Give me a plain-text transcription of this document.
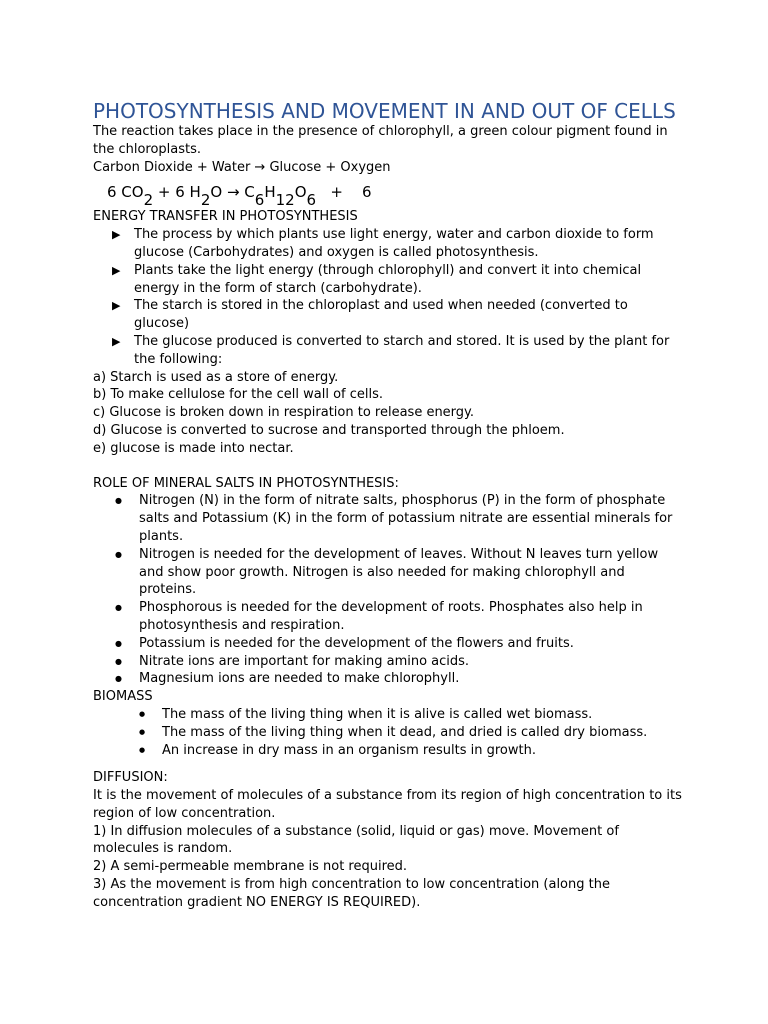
PHOTOSYNTHESIS AND MOVEMENT IN AND OUT OF CELLS

The reaction takes place in the presence of chlorophyll, a green colour pigment found in the chloroplasts.

Carbon Dioxide + Water → Glucose + Oxygen

6 $CO_2 + 6$ $H_2O \to C_6H_{12}O_6$   +    6

ENERGY TRANSFER IN PHOTOSYNTHESIS

▶ The process by which plants use light energy, water and carbon dioxide to form glucose (Carbohydrates) and oxygen is called photosynthesis.
▶ Plants take the light energy (through chlorophyll) and convert it into chemical energy in the form of starch (carbohydrate).
▶ The starch is stored in the chloroplast and used when needed (converted to glucose)
▶ The glucose produced is converted to starch and stored. It is used by the plant for the following:

a) Starch is used as a store of energy.

b) To make cellulose for the cell wall of cells.

c) Glucose is broken down in respiration to release energy.

d) Glucose is converted to sucrose and transported through the phloem.

e) glucose is made into nectar.

ROLE OF MINERAL SALTS IN PHOTOSYNTHESIS:

● Nitrogen (N) in the form of nitrate salts, phosphorus (P) in the form of phosphate salts and Potassium (K) in the form of potassium nitrate are essential minerals for plants.
● Nitrogen is needed for the development of leaves. Without N leaves turn yellow and show poor growth. Nitrogen is also needed for making chlorophyll and proteins.
● Phosphorous is needed for the development of roots. Phosphates also help in photosynthesis and respiration.
● Potassium is needed for the development of the flowers and fruits.
● Nitrate ions are important for making amino acids.
● Magnesium ions are needed to make chlorophyll.

BIOMASS

● The mass of the living thing when it is alive is called wet biomass.
● The mass of the living thing when it dead, and dried is called dry biomass.
● An increase in dry mass in an organism results in growth.

DIFFUSION:

It is the movement of molecules of a substance from its region of high concentration to its region of low concentration.

1) In diffusion molecules of a substance (solid, liquid or gas) move. Movement of molecules is random.

2) A semi-permeable membrane is not required.

3) As the movement is from high concentration to low concentration (along the concentration gradient NO ENERGY IS REQUIRED).
